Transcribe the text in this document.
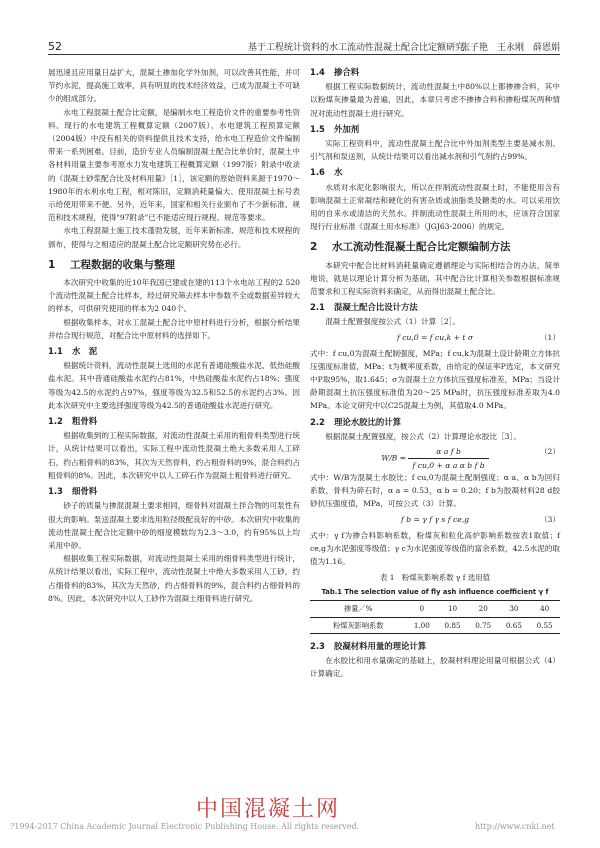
52	基于工程统计资料的水工流动性混凝土配合比定额研究
张子艳　王永刚　薛恩娟

展迅速且应用量日益扩大，混凝土掺加化学外加剂，可以改善其性能，并可节约水泥，提高施工效率，具有明显的技术经济效益，已成为混凝土不可缺少的组成部分。

水电工程混凝土配合比定额，是编制水电工程造价文件的重要参考性资料。现行的水电建筑工程概算定额（2007版）、水电建筑工程预算定额（2004版）中没有相关的资料提供且技术支持，给水电工程造价文件编制带来一系列困难。目前，造价专业人员编制混凝土配合比单价时，混凝土中各材料用量主要参考原水力发电建筑工程概算定额（1997版）附录中收录的《混凝土砂浆配合比及材料用量》［1］，该定额的原始资料来源于1970～1980年的水利水电工程，相对陈旧，定额消耗量偏大、使用混凝土标号表示给使用带来不便。另外，近年来，国家和相关行业颁布了不少新标准、规范和技术规程，使得"97附录"已不能适应现行规程、规范等要求。

水电工程混凝土施工技术蓬勃发展，近年来新标准、规范和技术规程的颁布，使得与之相适应的混凝土配合比定额研究势在必行。

1 工程数据的收集与整理

本次研究中收集的近10年我国已建或在建的113个水电站工程的2 520个流动性混凝土配合比样本，经过研究筛去样本中参数不全或数据差异较大的样本，可供研究使用的样本为2 040个。

根据收集样本，对水工混凝土配合比中原材料进行分析，根据分析结果并结合现行规范，对配合比中原材料的选择如下。

1.1 水　泥

根据统计资料，流动性混凝土选用的水泥有普通硅酸盐水泥、低热硅酸盐水泥。其中普通硅酸盐水泥约占81%，中热硅酸盐水泥约占18%；强度等级为42.5的水泥约占97%，强度等级为32.5和52.5的水泥约占3%。因此本次研究中主要选择强度等级为42.5的普通硅酸盐水泥进行研究。

1.2 粗骨料

根据收集到的工程实际数据，对流动性混凝土采用的粗骨料类型进行统计，从统计结果可以看出，实际工程中流动性混凝土绝大多数采用人工碎石，约占粗骨料的83%，其次为天然骨料，约占粗骨料的9%，混合料约占粗骨料的8%。因此，本次研究中以人工碎石作为混凝土粗骨料进行研究。

1.3 细骨料

砂子的质量与掺混混凝土要求相同，细骨料对混凝土拌合物的可泵性有很大的影响。泵送混凝土要求选用粒径级配良好的中砂。本次研究中收集的流动性混凝土配合比定额中砂的细度模数均为2.3～3.0，约有95%以上均采用中砂。

根据收集工程实际数据，对流动性混凝土采用的细骨料类型进行统计，从统计结果以看出，实际工程中，流动性混凝土中绝大多数采用人工砂，约占细骨料的83%，其次为天然砂，约占细骨料的9%，混合料约占细骨料的8%。因此，本次研究中以人工砂作为混凝土细骨料进行研究。

1.4 掺合料

根据工程实际数据统计，流动性混凝土中80%以上都掺掺合料，其中以粉煤灰掺量最为普遍，因此，本章只考虑不掺掺合料和掺粉煤灰两种情况对流动性混凝土进行研究。

1.5 外加剂

实际工程资料中，流动性混凝土配合比中外加剂类型主要是减水剂、引气剂和泵送剂，从统计结果可以看出减水剂和引气剂约占99%。

1.6 水

水质对水泥化影响很大，所以在拌制流动性混凝土时，不能使用含有影响混凝土正常凝结和硬化的有害杂质或油脂类及糖类的水。可以采用饮用的自来水或清洁的天然水。拌制流动性混凝土所用的水，应该符合国家现行行业标准《混凝土用水标准》（JGJ63-2006）的规定。

2 水工流动性混凝土配合比定额编制方法

本研究中配合比材料消耗量确定遵循理论与实际相结合的办法，简单地说，就是以理论计算分析为基础，其中配合比计算相关参数根据标准规范要求和工程实际资料来确定，从而得出混凝土配合比。

2.1 混凝土配合比设计方法

混凝土配置强度按公式（1）计算［2］。

f cu,0 = f cu,k + t σ	（1）

式中：f cu,0为混凝土配制强度，MPa；f cu,k为混凝土设计龄期立方体抗压强度标准值，MPa；t为概率度系数，由给定的保证率P选定，本文研究中P取95%，取1.645；σ为混凝土立方体抗压强度标准差，MPa；当设计龄期混凝土抗压强度标准值为20～25 MPa时，抗压强度标准差取为4.0 MPa。本论文研究中以C25混凝土为例，其值取4.0 MPa。

2.2 理论水胶比的计算

根据混凝土配置强度，按公式（2）计算理论水胶比［3］。

$W/B = \frac{\text{α a f b}}{\text{f cu,0 + α a α b f b}}$	（2）

式中：W/B为混凝土水胶比；f cu,0为混凝土配制强度；α a、α b为回归系数，骨料为碎石时，α a = 0.53，α b = 0.20；f b为胶凝材料28 d胶砂抗压强度值，MPa，可按公式（3）计算。

f b = γ f γ s f ce,g	（3）

式中：γ f为掺合料影响系数，粉煤灰和粒化高炉影响系数按表1取值；f ce,g为水泥强度等级值；γ c为水泥强度等级值的富余系数，42.5水泥的取值为1.16。

表 1　粉煤灰影响系数 γ f 选用值
Tab.1 The selection value of fly ash influence coefficient γ f
掺量／%	0	10	20	30	40
粉煤灰影响系数	1.00	0.85	0.75	0.65	0.55
2.3 胶凝材料用量的理论计算

在水胶比和用水量确定的基础上，胶凝材料理论用量可根据公式（4）计算确定。

中国混凝土网
?1994-2017 China Academic Journal Electronic Publishing House. All rights reserved.	http://www.cnki.net
